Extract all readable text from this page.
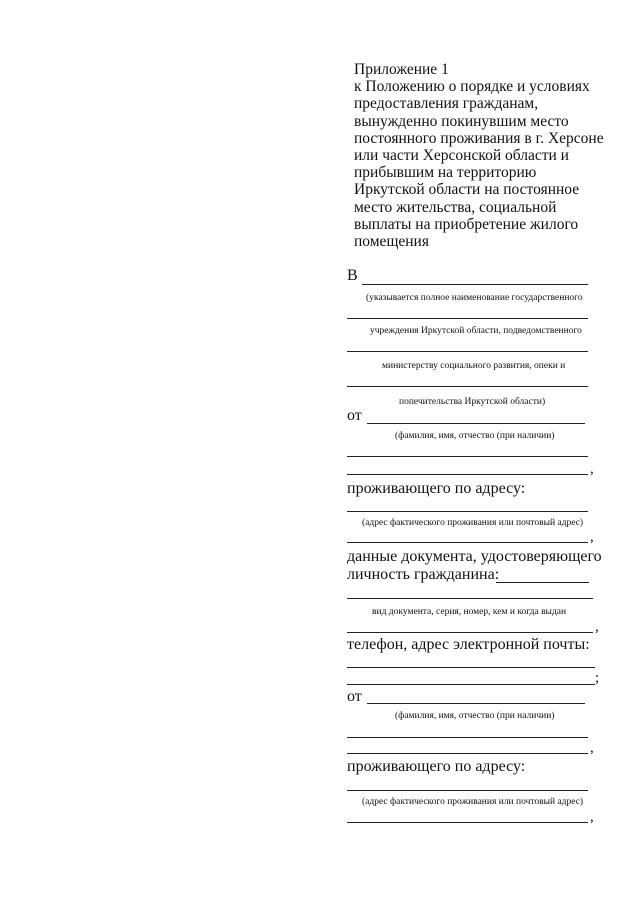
Приложение 1
к Положению о порядке и условиях
предоставления гражданам,
вынужденно покинувшим место
постоянного проживания в г. Херсоне
или части Херсонской области и
прибывшим на территорию
Иркутской области на постоянное
место жительства, социальной
выплаты на приобретение жилого
помещения
В
(указывается полное наименование государственного
учреждения Иркутской области, подведомственного
министерству социального развития, опеки и
попечительства Иркутской области)
от
(фамилия, имя, отчество (при наличии)
,
проживающего по адресу:
(адрес фактического проживания или почтовый адрес)
,
данные документа, удостоверяющего
личность гражданина:
вид документа, серия, номер, кем и когда выдан
,
телефон, адрес электронной почты:
;
от
(фамилия, имя, отчество (при наличии)
,
проживающего по адресу:
(адрес фактического проживания или почтовый адрес)
,
